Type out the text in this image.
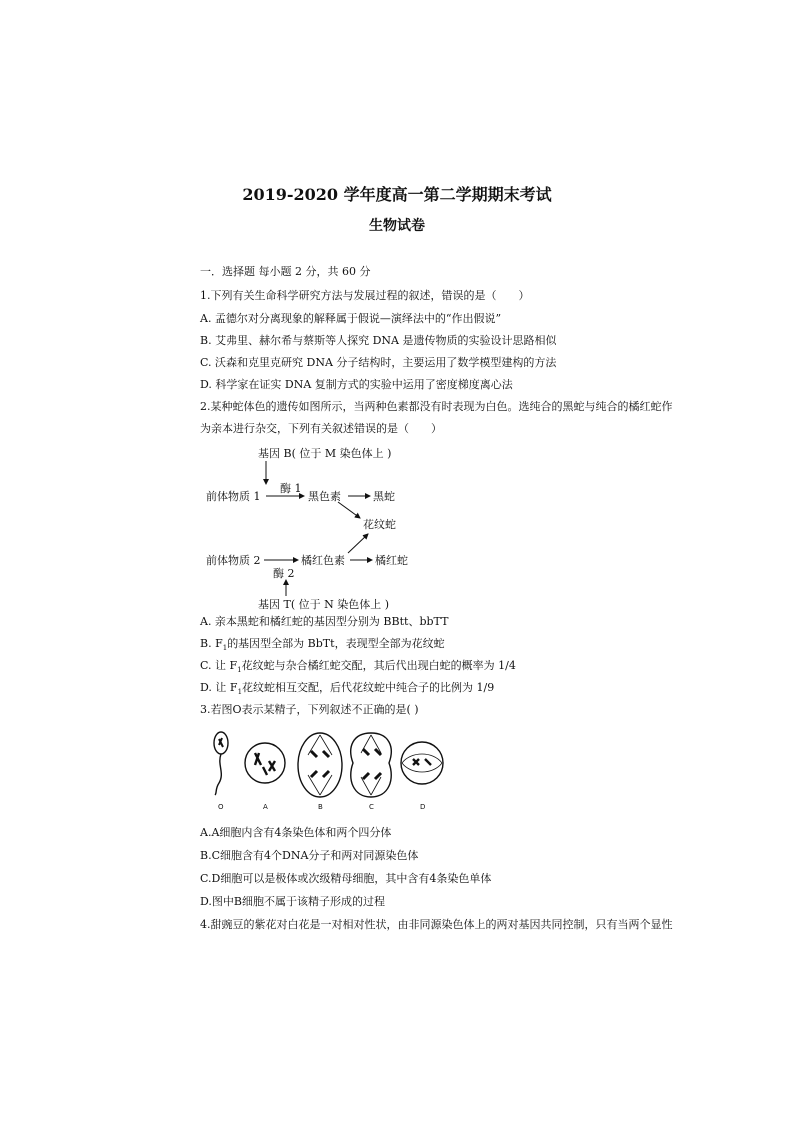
2019-2020 学年度高一第二学期期末考试
生物试卷
一．选择题 每小题 2 分，共 60 分
1.下列有关生命科学研究方法与发展过程的叙述，错误的是（　　）
A. 孟德尔对分离现象的解释属于假说—演绎法中的“作出假说”
B. 艾弗里、赫尔希与蔡斯等人探究 DNA 是遗传物质的实验设计思路相似
C. 沃森和克里克研究 DNA 分子结构时，主要运用了数学模型建构的方法
D. 科学家在证实 DNA 复制方式的实验中运用了密度梯度离心法
2.某种蛇体色的遗传如图所示，当两种色素都没有时表现为白色。选纯合的黑蛇与纯合的橘红蛇作
为亲本进行杂交，下列有关叙述错误的是（　　）
基因 B( 位于 M 染色体上 )
酶 1
前体物质 1	黑色素	黑蛇
花纹蛇
前体物质 2	橘红色素	橘红蛇
酶 2
基因 T( 位于 N 染色体上 )
A. 亲本黑蛇和橘红蛇的基因型分别为 BBtt、bbTT
B. $F_1$的基因型全部为 BbTt，表现型全部为花纹蛇
C. 让 $F_1$花纹蛇与杂合橘红蛇交配，其后代出现白蛇的概率为 1/4
D. 让 $F_1$花纹蛇相互交配，后代花纹蛇中纯合子的比例为 1/9
3.若图O表示某精子，下列叙述不正确的是( )
O	A	B	C	D
A.A细胞内含有4条染色体和两个四分体
B.C细胞含有4个DNA分子和两对同源染色体
C.D细胞可以是极体或次级精母细胞，其中含有4条染色单体
D.图中B细胞不属于该精子形成的过程
4.甜豌豆的紫花对白花是一对相对性状，由非同源染色体上的两对基因共同控制，只有当两个显性
